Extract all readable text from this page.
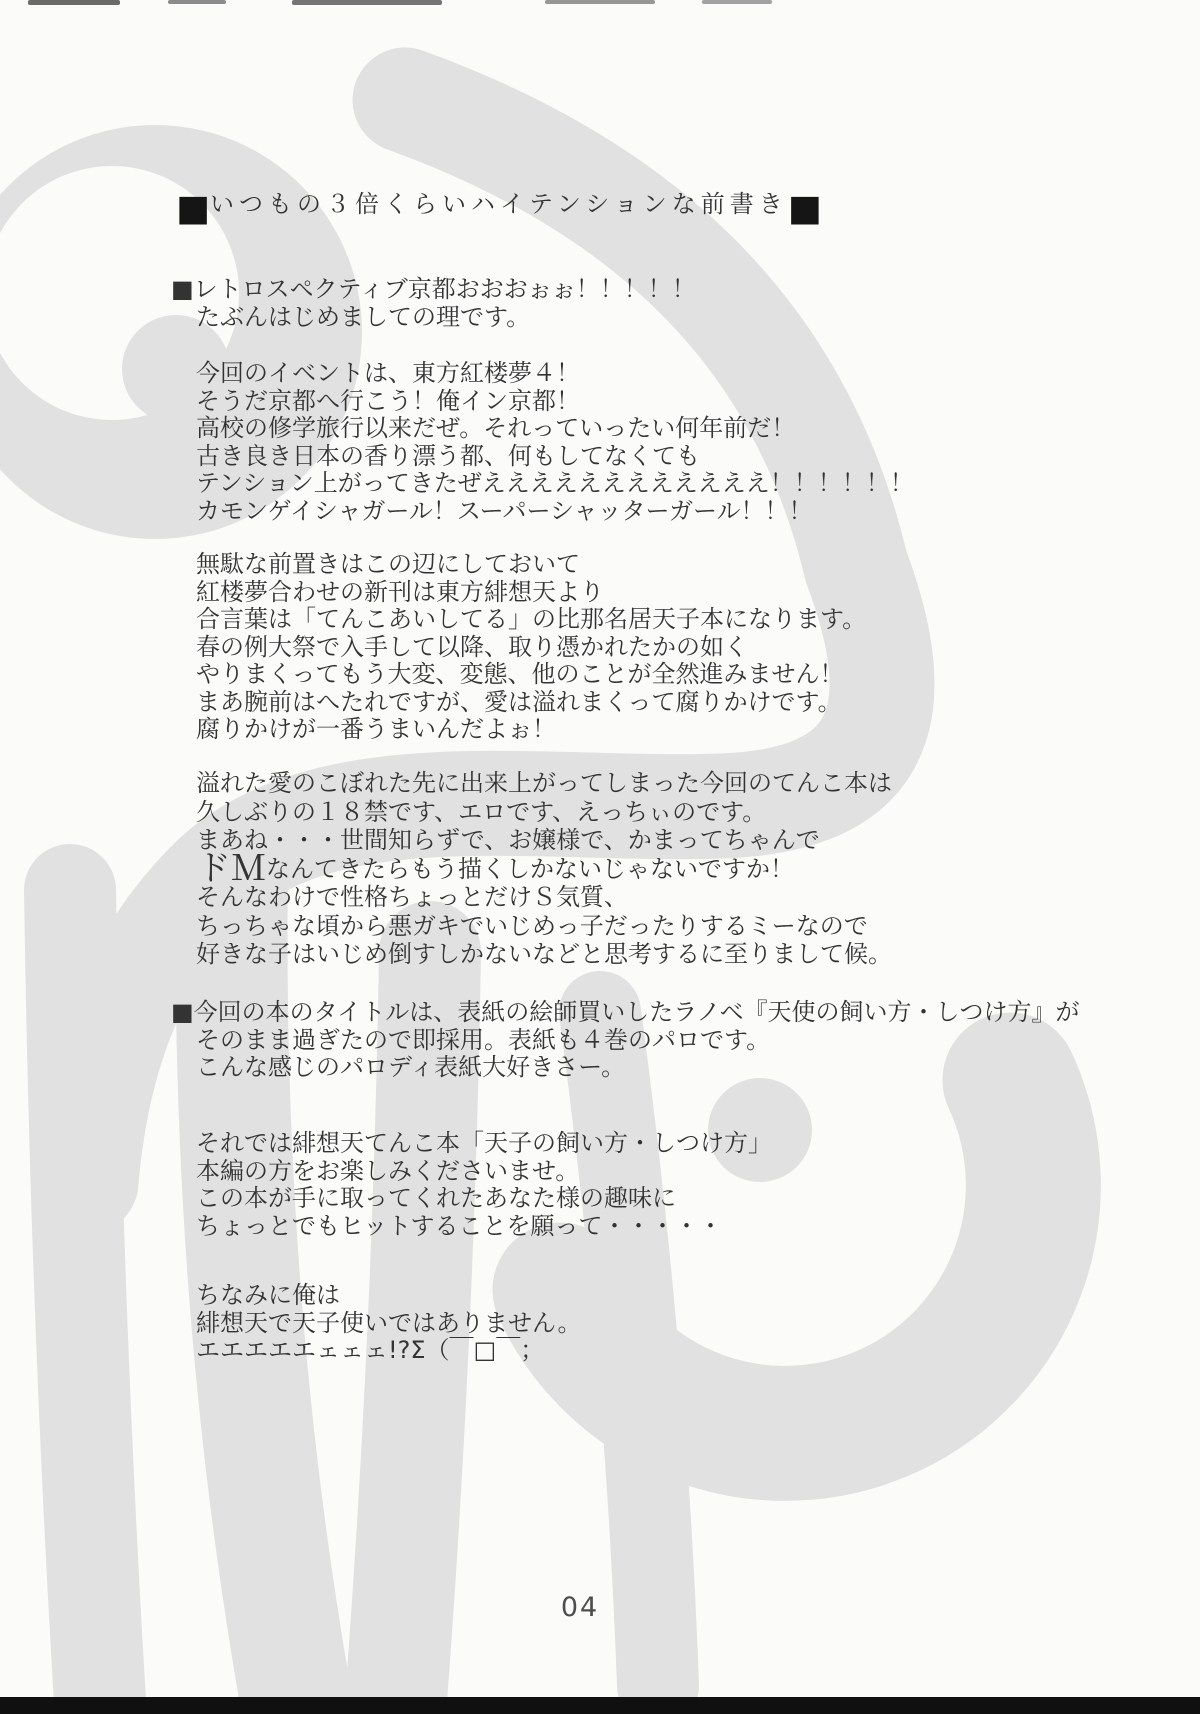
■いつもの３倍くらいハイテンションな前書き■
■レトロスペクティブ京都おおおぉぉ！！！！！
たぶんはじめましての理です。
今回のイベントは、東方紅楼夢４！
そうだ京都へ行こう！俺イン京都！
高校の修学旅行以来だぜ。それっていったい何年前だ！
古き良き日本の香り漂う都、何もしてなくても
テンション上がってきたぜええええええええええええ！！！！！！
カモンゲイシャガール！スーパーシャッターガール！！！
無駄な前置きはこの辺にしておいて
紅楼夢合わせの新刊は東方緋想天より
合言葉は「てんこあいしてる」の比那名居天子本になります。
春の例大祭で入手して以降、取り憑かれたかの如く
やりまくってもう大変、変態、他のことが全然進みません！
まあ腕前はへたれですが、愛は溢れまくって腐りかけです。
腐りかけが一番うまいんだよぉ！
溢れた愛のこぼれた先に出来上がってしまった今回のてんこ本は
久しぶりの１８禁です、エロです、えっちぃのです。
まあね・・・世間知らずで、お嬢様で、かまってちゃんで
ドＭなんてきたらもう描くしかないじゃないですか！
そんなわけで性格ちょっとだけＳ気質、
ちっちゃな頃から悪ガキでいじめっ子だったりするミーなので
好きな子はいじめ倒すしかないなどと思考するに至りまして候。
■今回の本のタイトルは、表紙の絵師買いしたラノベ『天使の飼い方・しつけ方』が
そのまま過ぎたので即採用。表紙も４巻のパロです。
こんな感じのパロディ表紙大好きさー。
それでは緋想天てんこ本「天子の飼い方・しつけ方」
本編の方をお楽しみくださいませ。
この本が手に取ってくれたあなた様の趣味に
ちょっとでもヒットすることを願って・・・・・
ちなみに俺は
緋想天で天子使いではありません。
エエエエエェェェ!?Σ（￣□￣；
04
